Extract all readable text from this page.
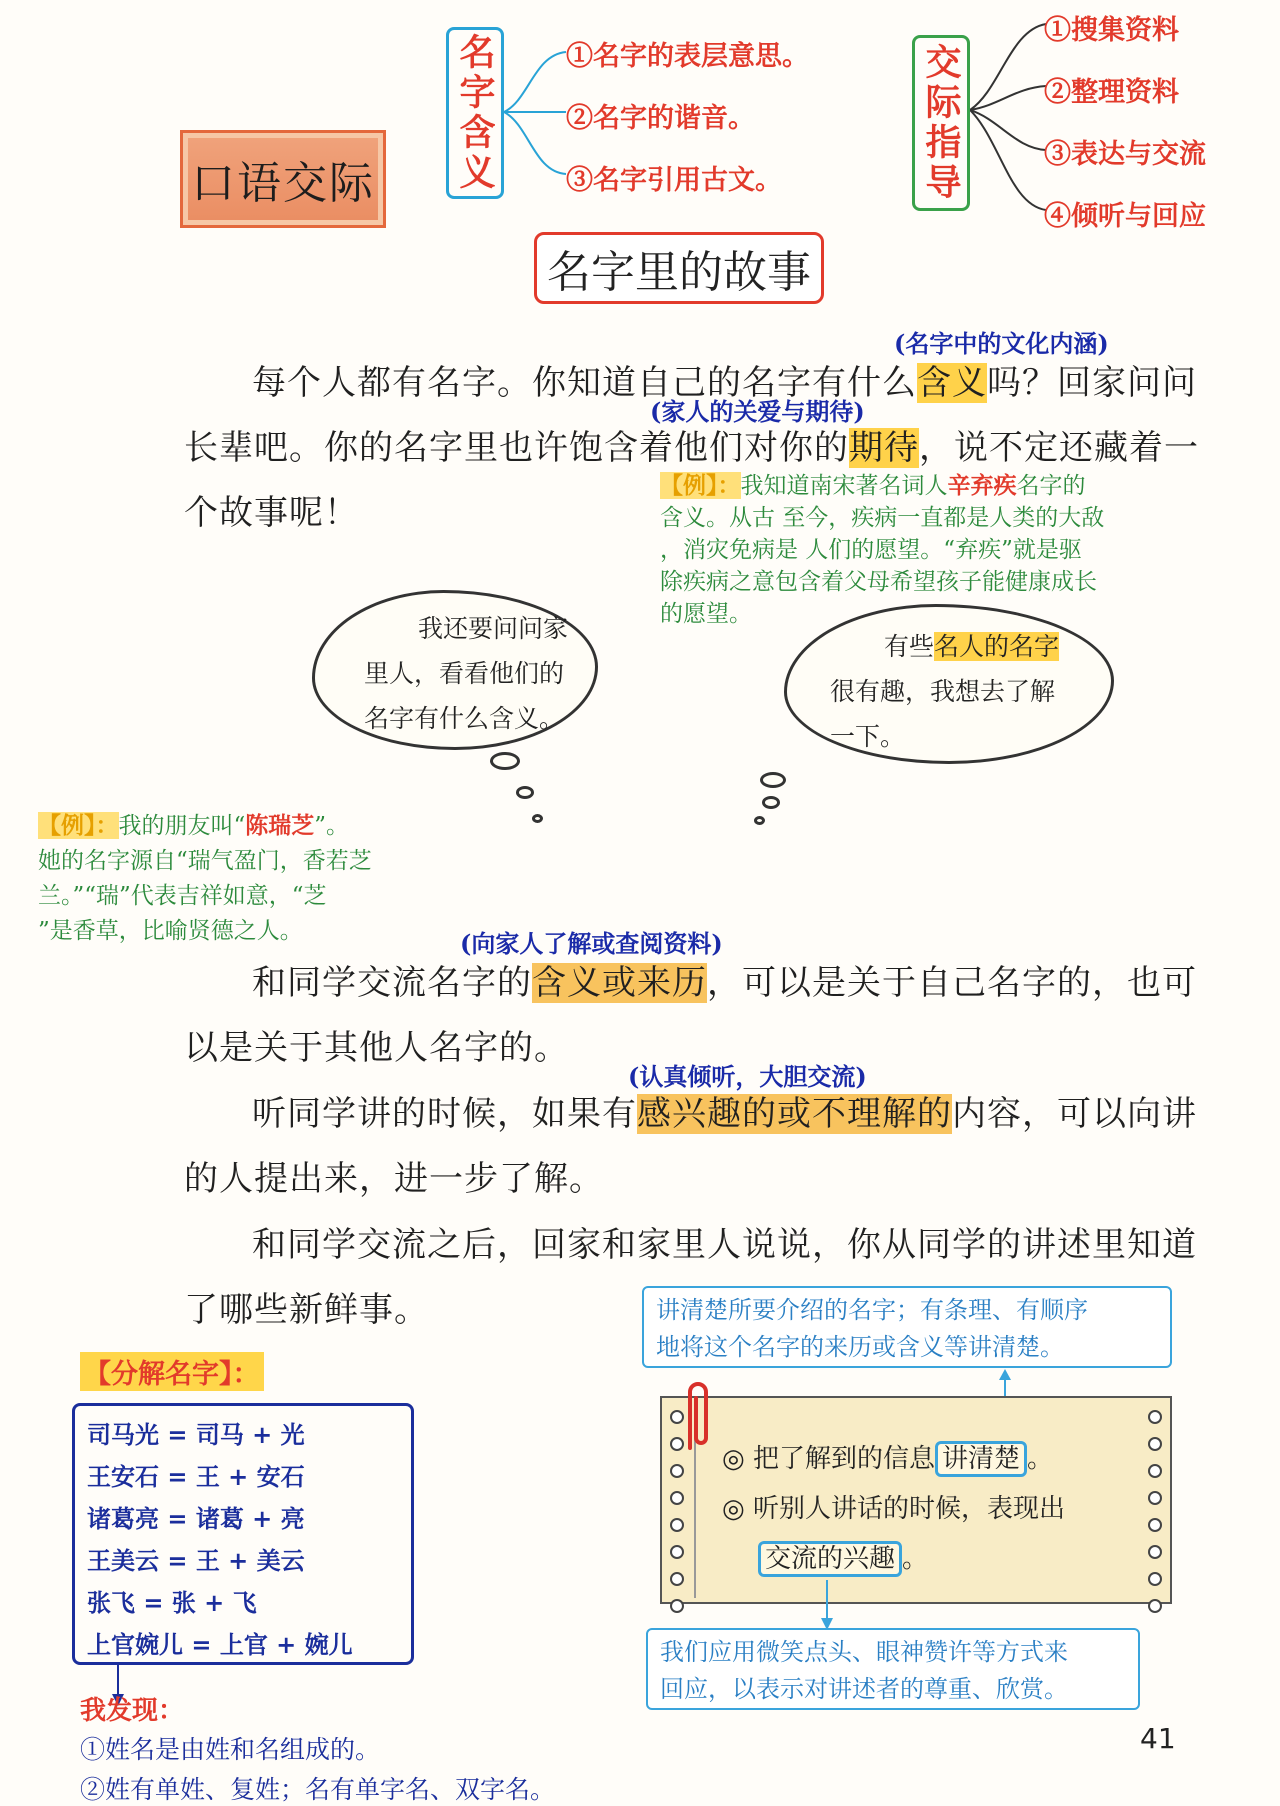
口语交际	名字含义	①名字的表层意思。
②名字的谐音。
③名字引用古文。	交际指导
①搜集资料
②整理资料
③表达与交流
④倾听与回应
名字里的故事
(名字中的文化内涵)
每个人都有名字。你知道自己的名字有什么含义吗？回家问问
(家人的关爱与期待)
长辈吧。你的名字里也许饱含着他们对你的期待，说不定还藏着一
个故事呢！
【例】：我知道南宋著名词人辛弃疾名字的
含义。从古 至今，疾病一直都是人类的大敌
，消灾免病是 人们的愿望。“弃疾”就是驱
除疾病之意包含着父母希望孩子能健康成长
的愿望。
我还要问问家
里人，看看他们的
名字有什么含义。
有些名人的名字
很有趣，我想去了解
一下。
【例】：我的朋友叫“陈瑞芝”。
她的名字源自“瑞气盈门，香若芝
兰。”“瑞”代表吉祥如意，“芝
”是香草，比喻贤德之人。	(向家人了解或查阅资料)
和同学交流名字的含义或来历，可以是关于自己名字的，也可
以是关于其他人名字的。
(认真倾听，大胆交流)
听同学讲的时候，如果有感兴趣的或不理解的内容，可以向讲
的人提出来，进一步了解。
和同学交流之后，回家和家里人说说，你从同学的讲述里知道
了哪些新鲜事。
【分解名字】：
司马光 = 司马 + 光
王安石 = 王 + 安石
诸葛亮 = 诸葛 + 亮
王美云 = 王 + 美云
张飞 = 张 + 飞
上官婉儿 = 上官 + 婉儿
我发现：
①姓名是由姓和名组成的。
②姓有单姓、复姓；名有单字名、双字名。
讲清楚所要介绍的名字；有条理、有顺序
地将这个名字的来历或含义等讲清楚。
◎ 把了解到的信息 讲清楚 。
◎ 听别人讲话的时候，表现出
交流的兴趣 。
我们应用微笑点头、眼神赞许等方式来
回应，以表示对讲述者的尊重、欣赏。
41
